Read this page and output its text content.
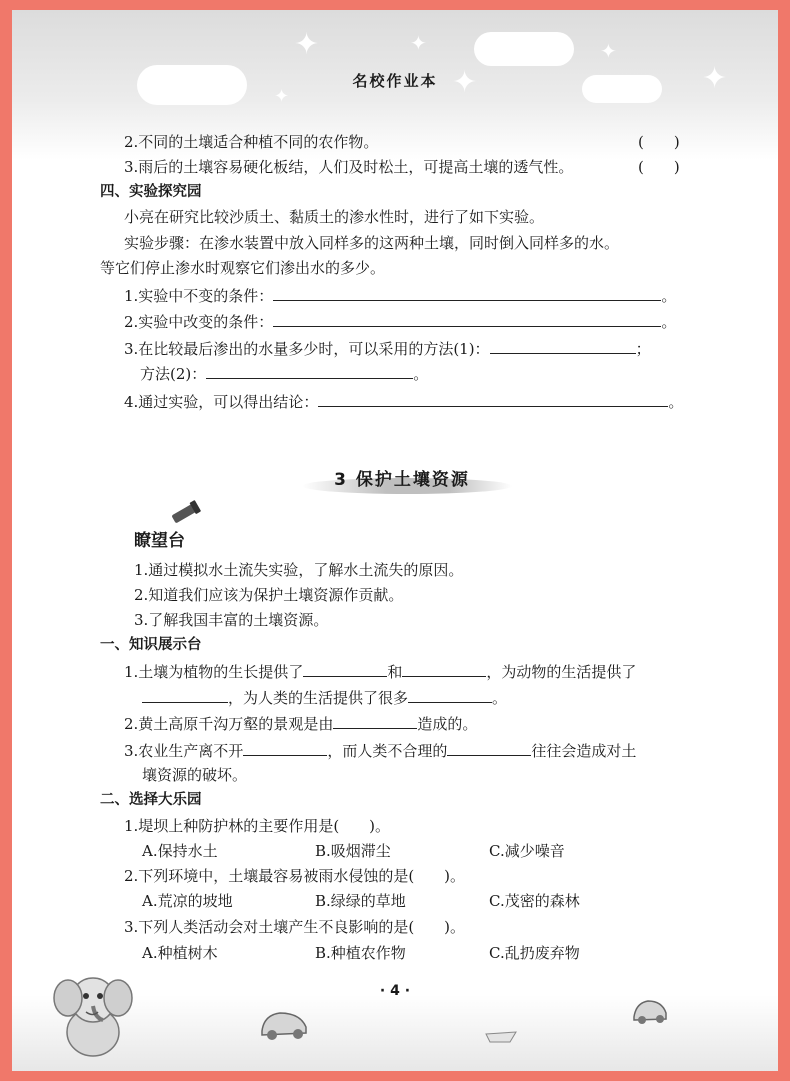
✦	✦
✦
✦
✦
✦
名校作业本
2.不同的土壤适合种植不同的农作物。	(　　)
3.雨后的土壤容易硬化板结，人们及时松土，可提高土壤的透气性。	(　　)
四、实验探究园
小亮在研究比较沙质土、黏质土的渗水性时，进行了如下实验。
实验步骤：在渗水装置中放入同样多的这两种土壤，同时倒入同样多的水。
等它们停止渗水时观察它们渗出水的多少。
1.实验中不变的条件：	。
2.实验中改变的条件：	。
3.在比较最后渗出的水量多少时，可以采用的方法(1)：	；
方法(2)：	。
4.通过实验，可以得出结论：	。
3 保护土壤资源
瞭望台
1.通过模拟水土流失实验，了解水土流失的原因。
2.知道我们应该为保护土壤资源作贡献。
3.了解我国丰富的土壤资源。
一、知识展示台
1.土壤为植物的生长提供了	和	，为动物的生活提供了
，为人类的生活提供了很多	。
2.黄土高原千沟万壑的景观是由	造成的。
3.农业生产离不开	，而人类不合理的	往往会造成对土
壤资源的破坏。
二、选择大乐园
1.堤坝上种防护林的主要作用是(　　)。
A.保持水土	B.吸烟滞尘	C.减少噪音
2.下列环境中，土壤最容易被雨水侵蚀的是(　　)。
A.荒凉的坡地	B.绿绿的草地	C.茂密的森林
3.下列人类活动会对土壤产生不良影响的是(　　)。
A.种植树木	B.种植农作物	C.乱扔废弃物
· 4 ·
